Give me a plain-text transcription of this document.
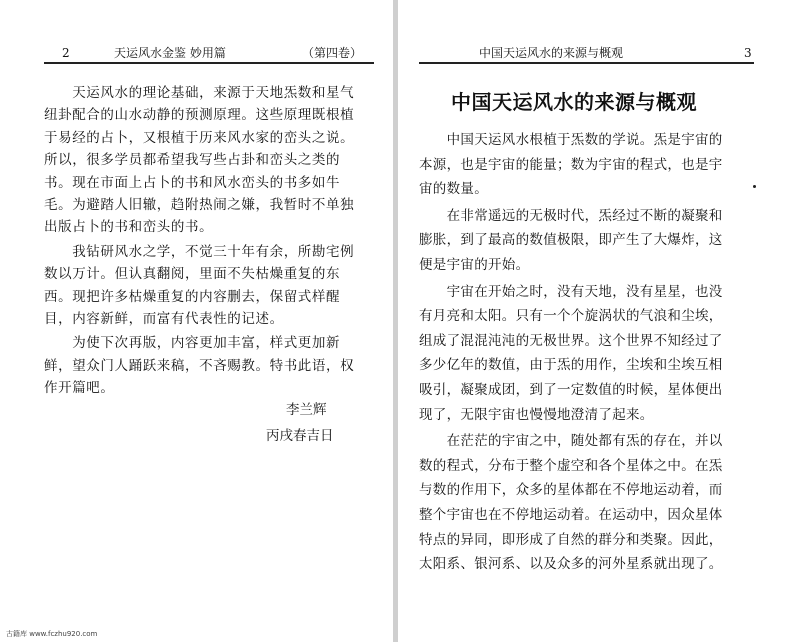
2	天运风水金鉴 妙用篇	（第四卷）
　　天运风水的理论基础，来源于天地炁数和星气
纽卦配合的山水动静的预测原理。这些原理既根植
于易经的占卜，又根植于历来风水家的峦头之说。
所以，很多学员都希望我写些占卦和峦头之类的
书。现在市面上占卜的书和风水峦头的书多如牛
毛。为避踏人旧辙，趋附热闹之嫌，我暂时不单独
出版占卜的书和峦头的书。
　　我钻研风水之学，不觉三十年有余，所勘宅例
数以万计。但认真翻阅，里面不失枯燥重复的东
西。现把许多枯燥重复的内容删去，保留式样醒
目，内容新鲜，而富有代表性的记述。
　　为使下次再版，内容更加丰富，样式更加新
鲜，望众门人踊跃来稿，不吝赐教。特书此语，权
作开篇吧。
李兰辉
丙戌春吉日
中国天运风水的来源与概观	3
中国天运风水的来源与概观
　　中国天运风水根植于炁数的学说。炁是宇宙的
本源，也是宇宙的能量；数为宇宙的程式，也是宇
宙的数量。
　　在非常遥远的无极时代，炁经过不断的凝聚和
膨胀，到了最高的数值极限，即产生了大爆炸，这
便是宇宙的开始。
　　宇宙在开始之时，没有天地，没有星星，也没
有月亮和太阳。只有一个个旋涡状的气浪和尘埃，
组成了混混沌沌的无极世界。这个世界不知经过了
多少亿年的数值，由于炁的用作，尘埃和尘埃互相
吸引，凝聚成团，到了一定数值的时候，星体便出
现了，无限宇宙也慢慢地澄清了起来。
　　在茫茫的宇宙之中，随处都有炁的存在，并以
数的程式，分布于整个虚空和各个星体之中。在炁
与数的作用下，众多的星体都在不停地运动着，而
整个宇宙也在不停地运动着。在运动中，因众星体
特点的异同，即形成了自然的群分和类聚。因此，
太阳系、银河系、以及众多的河外星系就出现了。
古籍库 www.fczhu920.com
